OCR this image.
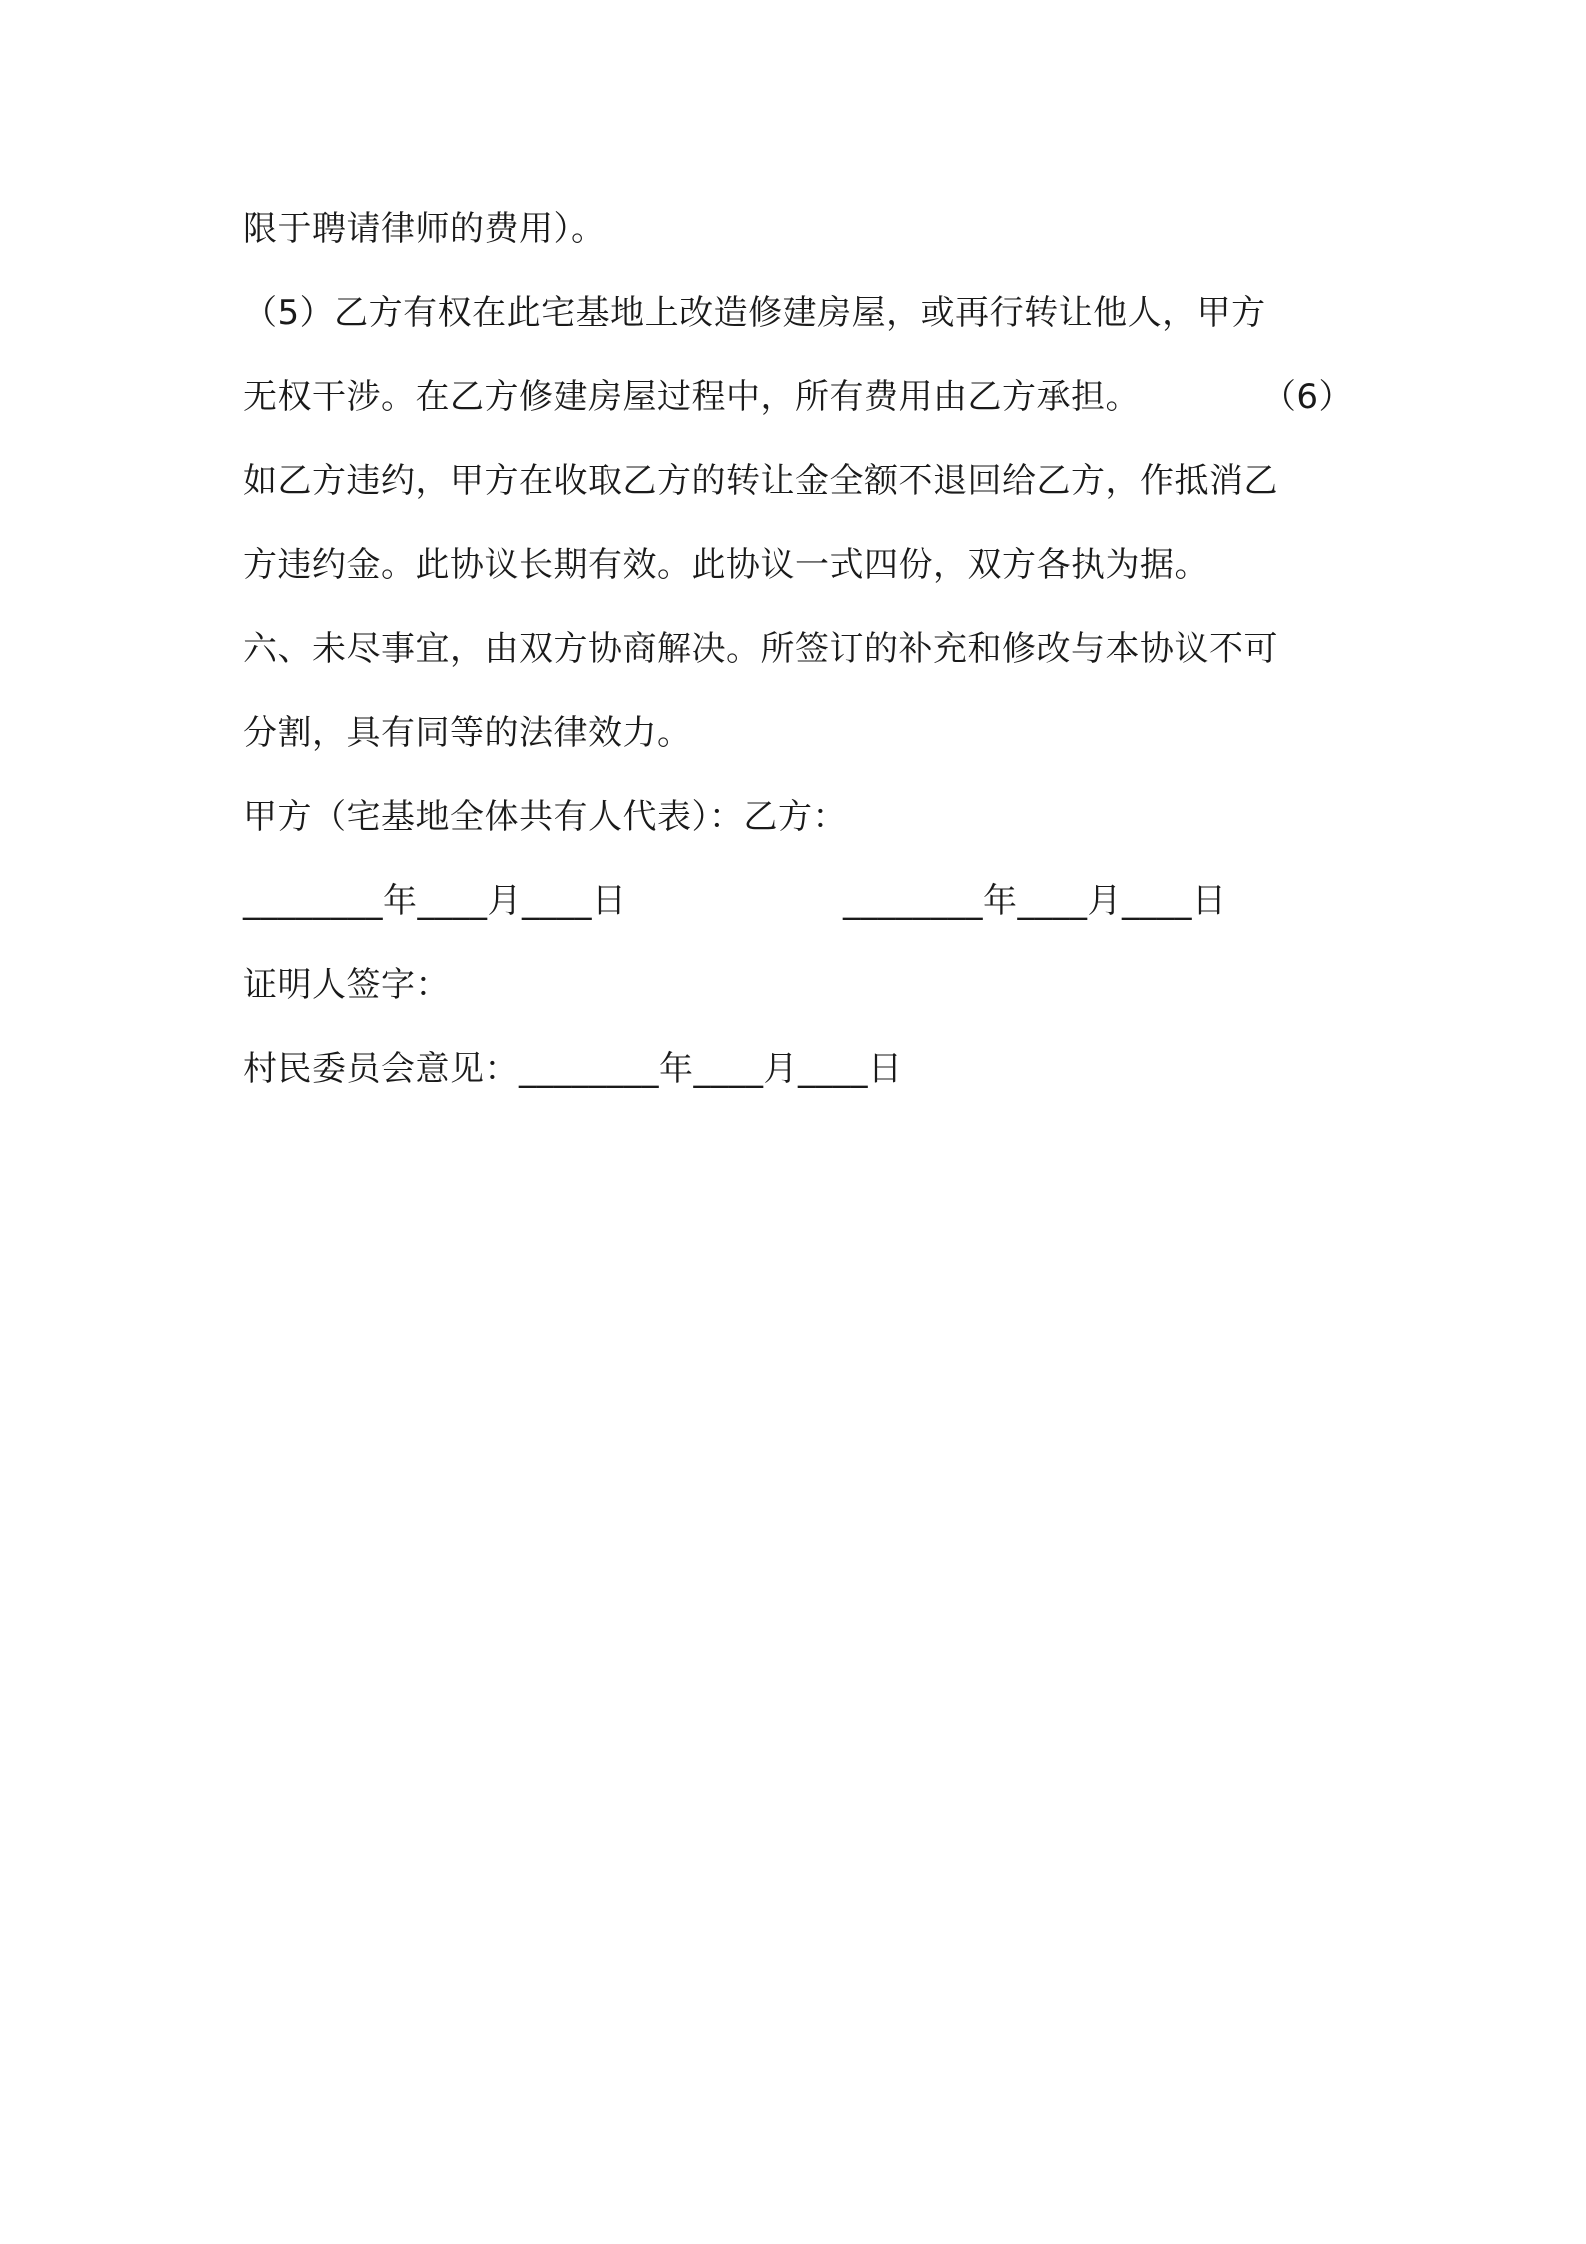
限于聘请律师的费用）。
（5）乙方有权在此宅基地上改造修建房屋，或再行转让他人，甲方
无权干涉。在乙方修建房屋过程中，所有费用由乙方承担。	（6）
如乙方违约，甲方在收取乙方的转让金全额不退回给乙方，作抵消乙
方违约金。此协议长期有效。此协议一式四份，双方各执为据。
六、未尽事宜，由双方协商解决。所签订的补充和修改与本协议不可
分割，具有同等的法律效力。
甲方（宅基地全体共有人代表）：乙方：
________年____月____日	________年____月____日
证明人签字：
村民委员会意见：________年____月____日
